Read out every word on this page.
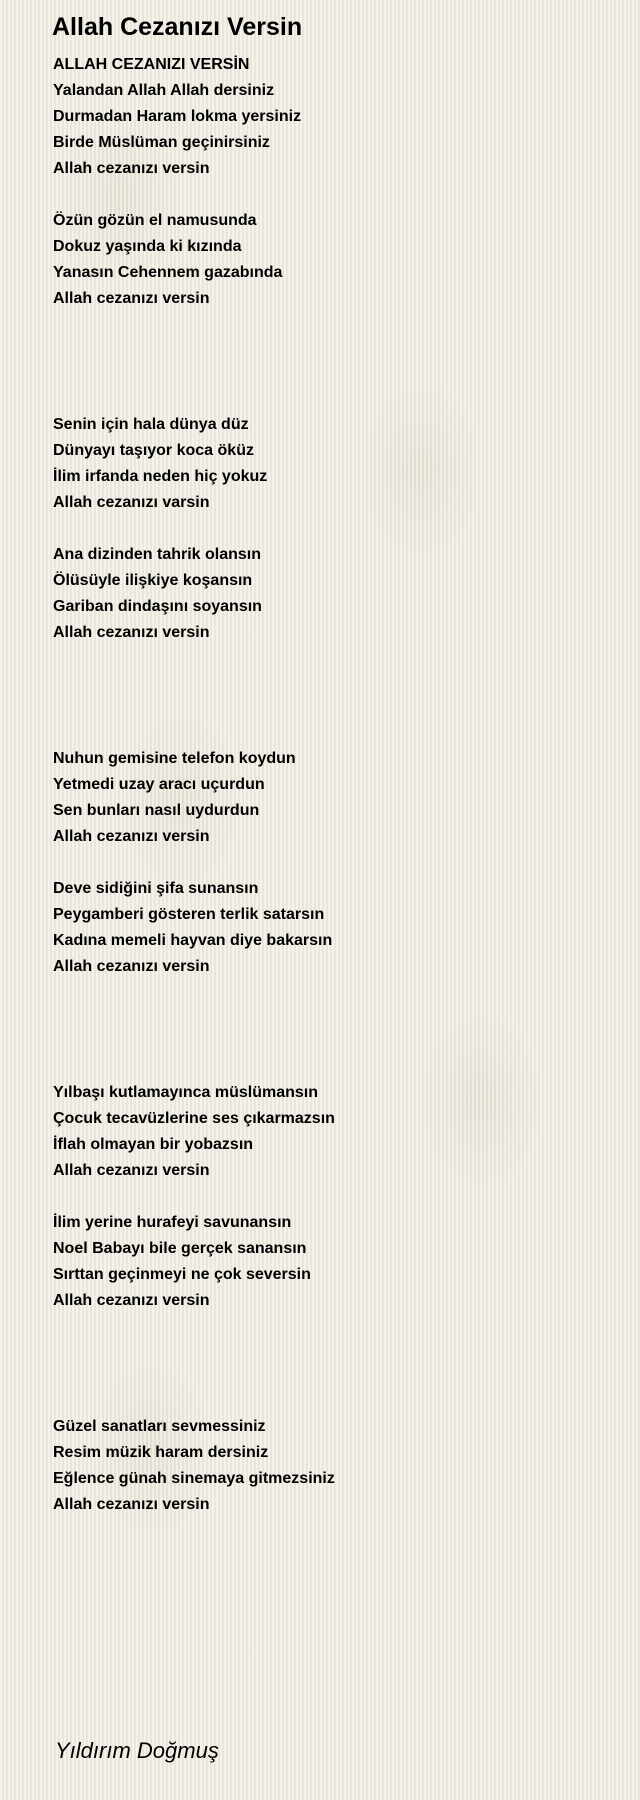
Allah Cezanızı Versin
ALLAH CEZANIZI VERSİN
Yalandan Allah Allah dersiniz
Durmadan Haram lokma yersiniz
Birde Müslüman geçinirsiniz
Allah cezanızı versin
Özün gözün el namusunda
Dokuz yaşında ki kızında
Yanasın Cehennem gazabında
Allah cezanızı versin
Senin için hala dünya düz
Dünyayı taşıyor koca öküz
İlim irfanda neden hiç yokuz
Allah cezanızı varsin
Ana dizinden tahrik olansın
Ölüsüyle ilişkiye koşansın
Gariban dindaşını soyansın
Allah cezanızı versin
Nuhun gemisine telefon koydun
Yetmedi uzay aracı uçurdun
Sen bunları nasıl uydurdun
Allah cezanızı versin
Deve sidiğini şifa sunansın
Peygamberi gösteren terlik satarsın
Kadına memeli hayvan diye bakarsın
Allah cezanızı versin
Yılbaşı kutlamayınca müslümansın
Çocuk tecavüzlerine ses çıkarmazsın
İflah olmayan bir yobazsın
Allah cezanızı versin
İlim yerine hurafeyi savunansın
Noel Babayı bile gerçek sanansın
Sırttan geçinmeyi ne çok seversin
Allah cezanızı versin
Güzel sanatları sevmessiniz
Resim müzik haram dersiniz
Eğlence günah sinemaya gitmezsiniz
Allah cezanızı versin
Yıldırım Doğmuş
